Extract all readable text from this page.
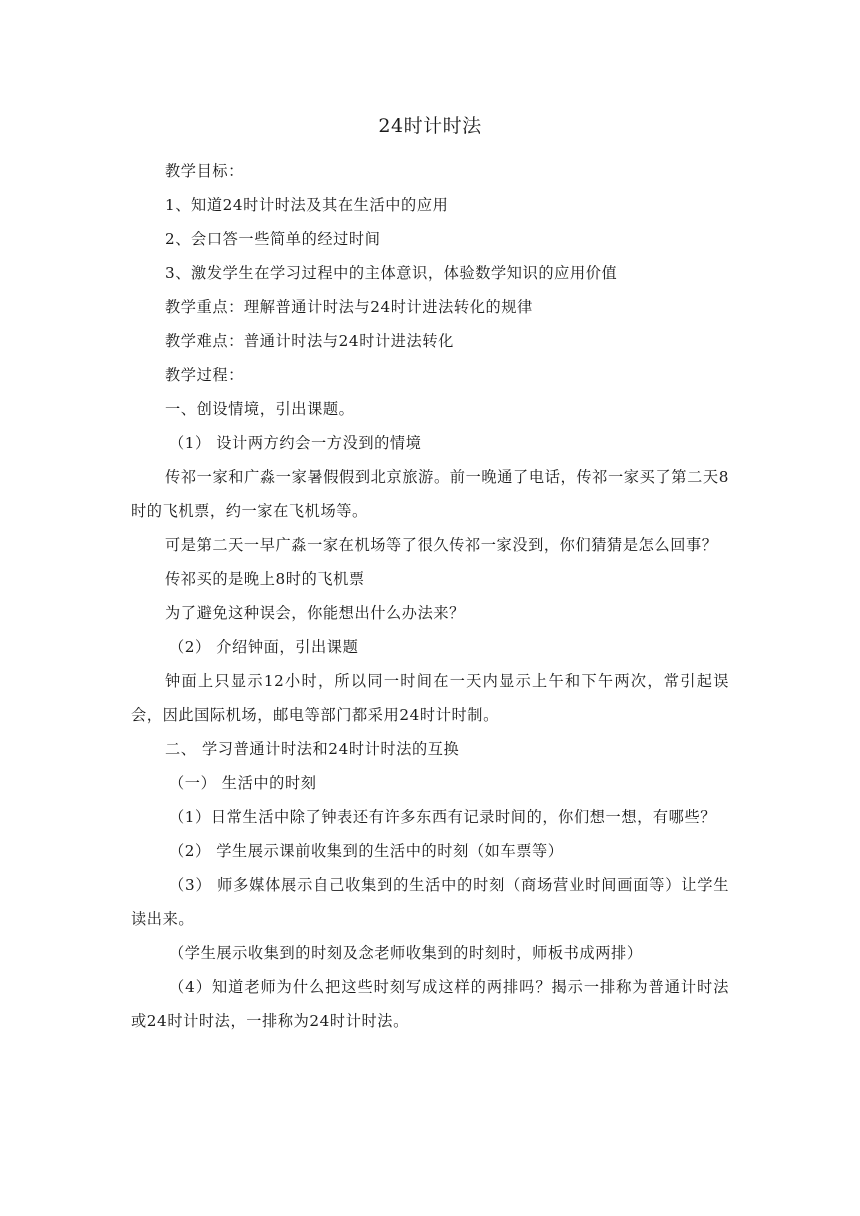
24时计时法

教学目标：

1、知道24时计时法及其在生活中的应用

2、会口答一些简单的经过时间

3、激发学生在学习过程中的主体意识，体验数学知识的应用价值

教学重点：理解普通计时法与24时计进法转化的规律

教学难点：普通计时法与24时计进法转化

教学过程：

一、创设情境，引出课题。

（1） 设计两方约会一方没到的情境

传祁一家和广淼一家暑假假到北京旅游。前一晚通了电话，传祁一家买了第二天8时的飞机票，约一家在飞机场等。

可是第二天一早广淼一家在机场等了很久传祁一家没到，你们猜猜是怎么回事？

传祁买的是晚上8时的飞机票

为了避免这种误会，你能想出什么办法来？

（2） 介绍钟面，引出课题

钟面上只显示12小时，所以同一时间在一天内显示上午和下午两次，常引起误会，因此国际机场，邮电等部门都采用24时计时制。

二、 学习普通计时法和24时计时法的互换

（一） 生活中的时刻

（1）日常生活中除了钟表还有许多东西有记录时间的，你们想一想，有哪些？

（2） 学生展示课前收集到的生活中的时刻（如车票等）

（3） 师多媒体展示自己收集到的生活中的时刻（商场营业时间画面等）让学生读出来。

（学生展示收集到的时刻及念老师收集到的时刻时，师板书成两排）

（4）知道老师为什么把这些时刻写成这样的两排吗？揭示一排称为普通计时法或24时计时法，一排称为24时计时法。
